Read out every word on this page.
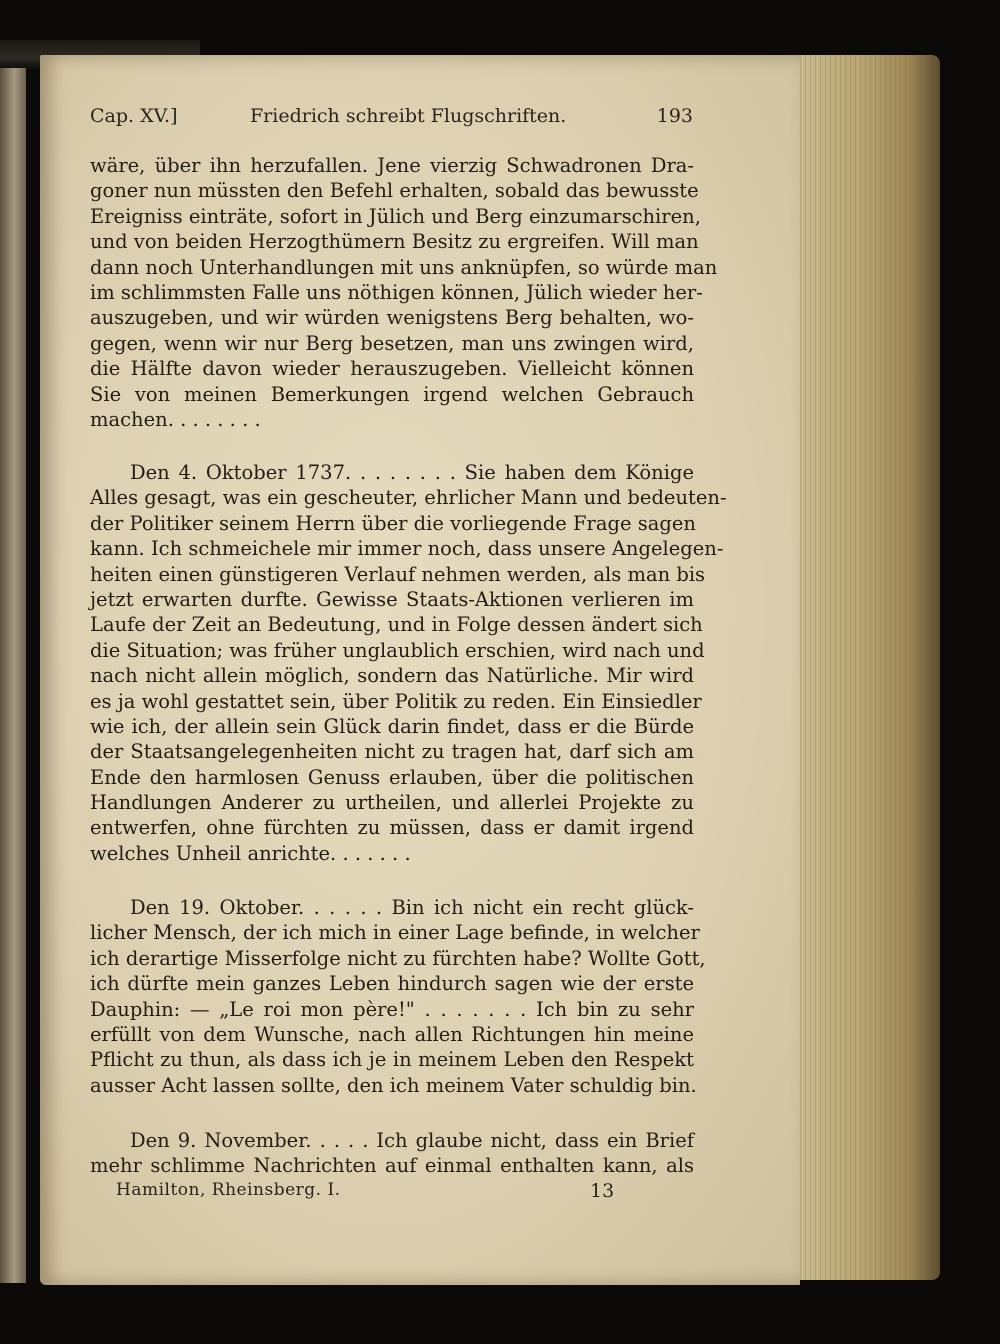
Cap. XV.]	Friedrich schreibt Flugschriften.	193
wäre, über ihn herzufallen. Jene vierzig Schwadronen Dra-
goner nun müssten den Befehl erhalten, sobald das bewusste
Ereigniss einträte, sofort in Jülich und Berg einzumarschiren,
und von beiden Herzogthümern Besitz zu ergreifen. Will man
dann noch Unterhandlungen mit uns anknüpfen, so würde man
im schlimmsten Falle uns nöthigen können, Jülich wieder her-
auszugeben, und wir würden wenigstens Berg behalten, wo-
gegen, wenn wir nur Berg besetzen, man uns zwingen wird,
die Hälfte davon wieder herauszugeben. Vielleicht können
Sie von meinen Bemerkungen irgend welchen Gebrauch
machen. . . . . . . .
Den 4. Oktober 1737. . . . . . . . Sie haben dem Könige
Alles gesagt, was ein gescheuter, ehrlicher Mann und bedeuten-
der Politiker seinem Herrn über die vorliegende Frage sagen
kann. Ich schmeichele mir immer noch, dass unsere Angelegen-
heiten einen günstigeren Verlauf nehmen werden, als man bis
jetzt erwarten durfte. Gewisse Staats-Aktionen verlieren im
Laufe der Zeit an Bedeutung, und in Folge dessen ändert sich
die Situation; was früher unglaublich erschien, wird nach und
nach nicht allein möglich, sondern das Natürliche. Mir wird
es ja wohl gestattet sein, über Politik zu reden. Ein Einsiedler
wie ich, der allein sein Glück darin findet, dass er die Bürde
der Staatsangelegenheiten nicht zu tragen hat, darf sich am
Ende den harmlosen Genuss erlauben, über die politischen
Handlungen Anderer zu urtheilen, und allerlei Projekte zu
entwerfen, ohne fürchten zu müssen, dass er damit irgend
welches Unheil anrichte. . . . . . .
Den 19. Oktober. . . . . . Bin ich nicht ein recht glück-
licher Mensch, der ich mich in einer Lage befinde, in welcher
ich derartige Misserfolge nicht zu fürchten habe? Wollte Gott,
ich dürfte mein ganzes Leben hindurch sagen wie der erste
Dauphin: — „Le roi mon père!" . . . . . . . Ich bin zu sehr
erfüllt von dem Wunsche, nach allen Richtungen hin meine
Pflicht zu thun, als dass ich je in meinem Leben den Respekt
ausser Acht lassen sollte, den ich meinem Vater schuldig bin.
Den 9. November. . . . . Ich glaube nicht, dass ein Brief
mehr schlimme Nachrichten auf einmal enthalten kann, als
Hamilton, Rheinsberg. I.	13
